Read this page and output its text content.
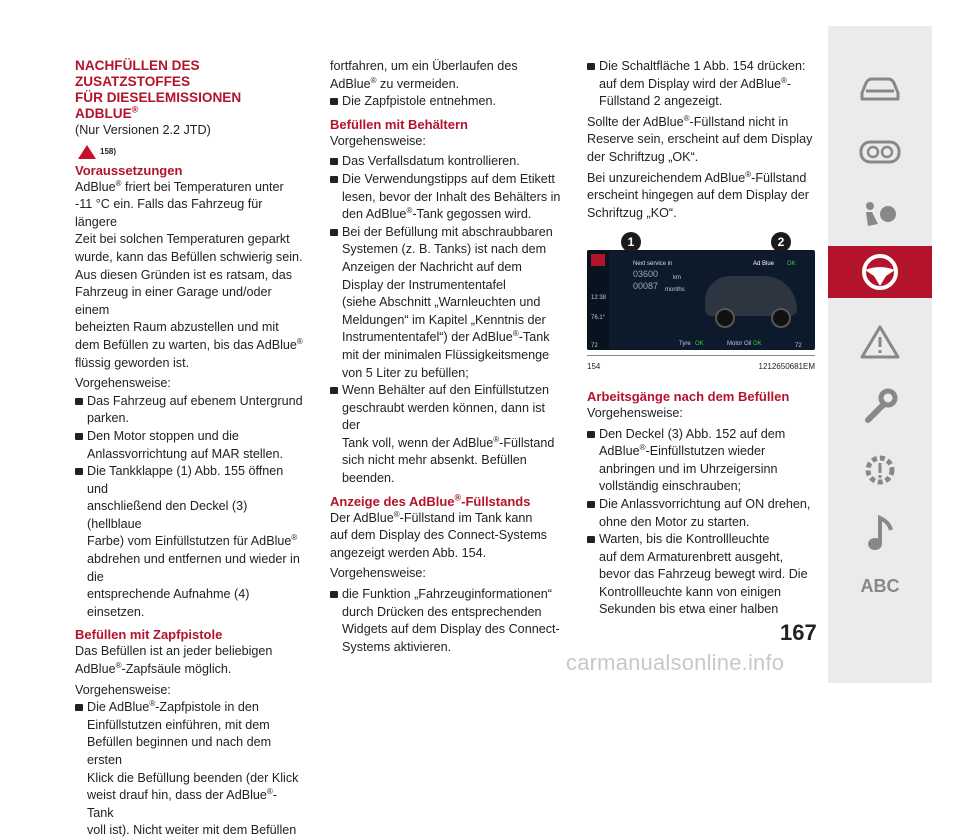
NACHFÜLLEN DES ZUSATZSTOFFES

FÜR DIESELEMISSIONEN ADBLUE®

(Nur Versionen 2.2 JTD)

158)

Voraussetzungen

AdBlue® friert bei Temperaturen unter
-11 °C ein. Falls das Fahrzeug für längere
Zeit bei solchen Temperaturen geparkt
wurde, kann das Befüllen schwierig sein.
Aus diesen Gründen ist es ratsam, das
Fahrzeug in einer Garage und/oder einem
beheizten Raum abzustellen und mit
dem Befüllen zu warten, bis das AdBlue®
flüssig geworden ist.

Vorgehensweise:

Das Fahrzeug auf ebenem Untergrund
parken.
Den Motor stoppen und die
Anlassvorrichtung auf MAR stellen.
Die Tankklappe (1) Abb. 155 öffnen und
anschließend den Deckel (3) (hellblaue
Farbe) vom Einfüllstutzen für AdBlue®
abdrehen und entfernen und wieder in die
entsprechende Aufnahme (4) einsetzen.

Befüllen mit Zapfpistole

Das Befüllen ist an jeder beliebigen
AdBlue®-Zapfsäule möglich.

Vorgehensweise:

Die AdBlue®-Zapfpistole in den
Einfüllstutzen einführen, mit dem
Befüllen beginnen und nach dem ersten
Klick die Befüllung beenden (der Klick
weist drauf hin, dass der AdBlue®-Tank
voll ist). Nicht weiter mit dem Befüllen
fortfahren, um ein Überlaufen des
AdBlue® zu vermeiden.
Die Zapfpistole entnehmen.

Befüllen mit Behältern

Vorgehensweise:

Das Verfallsdatum kontrollieren.
Die Verwendungstipps auf dem Etikett
lesen, bevor der Inhalt des Behälters in
den AdBlue®-Tank gegossen wird.
Bei der Befüllung mit abschraubbaren
Systemen (z. B. Tanks) ist nach dem
Anzeigen der Nachricht auf dem
Display der Instrumententafel
(siehe Abschnitt „Warnleuchten und
Meldungen“ im Kapitel „Kenntnis der
Instrumententafel“) der AdBlue®-Tank
mit der minimalen Flüssigkeitsmenge
von 5 Liter zu befüllen;
Wenn Behälter auf den Einfüllstutzen
geschraubt werden können, dann ist der
Tank voll, wenn der AdBlue®-Füllstand
sich nicht mehr absenkt. Befüllen
beenden.

Anzeige des AdBlue®-Füllstands

Der AdBlue®-Füllstand im Tank kann
auf dem Display des Connect-Systems
angezeigt werden Abb. 154.

Vorgehensweise:

die Funktion „Fahrzeuginformationen“
durch Drücken des entsprechenden
Widgets auf dem Display des Connect-
Systems aktivieren.
Die Schaltfläche 1 Abb. 154 drücken:
auf dem Display wird der AdBlue®-
Füllstand 2 angezeigt.
Sollte der AdBlue®-Füllstand nicht in
Reserve sein, erscheint auf dem Display
der Schriftzug „OK“.
Bei unzureichendem AdBlue®-Füllstand
erscheint hingegen auf dem Display der
Schriftzug „KO“.
1	2
12:38
76.1°
72
Next service in
03600 km
00087 months
Ad Blue OK
Tyre OK	Motor Oil OK	72
154	1212650681EM

Arbeitsgänge nach dem Befüllen

Vorgehensweise:

Den Deckel (3) Abb. 152 auf dem
AdBlue®-Einfüllstutzen wieder
anbringen und im Uhrzeigersinn
vollständig einschrauben;
Die Anlassvorrichtung auf ON drehen,
ohne den Motor zu starten.
Warten, bis die Kontrollleuchte
auf dem Armaturenbrett ausgeht,
bevor das Fahrzeug bewegt wird. Die
Kontrollleuchte kann von einigen
Sekunden bis etwa einer halben
167
ABC
carmanualsonline.info
